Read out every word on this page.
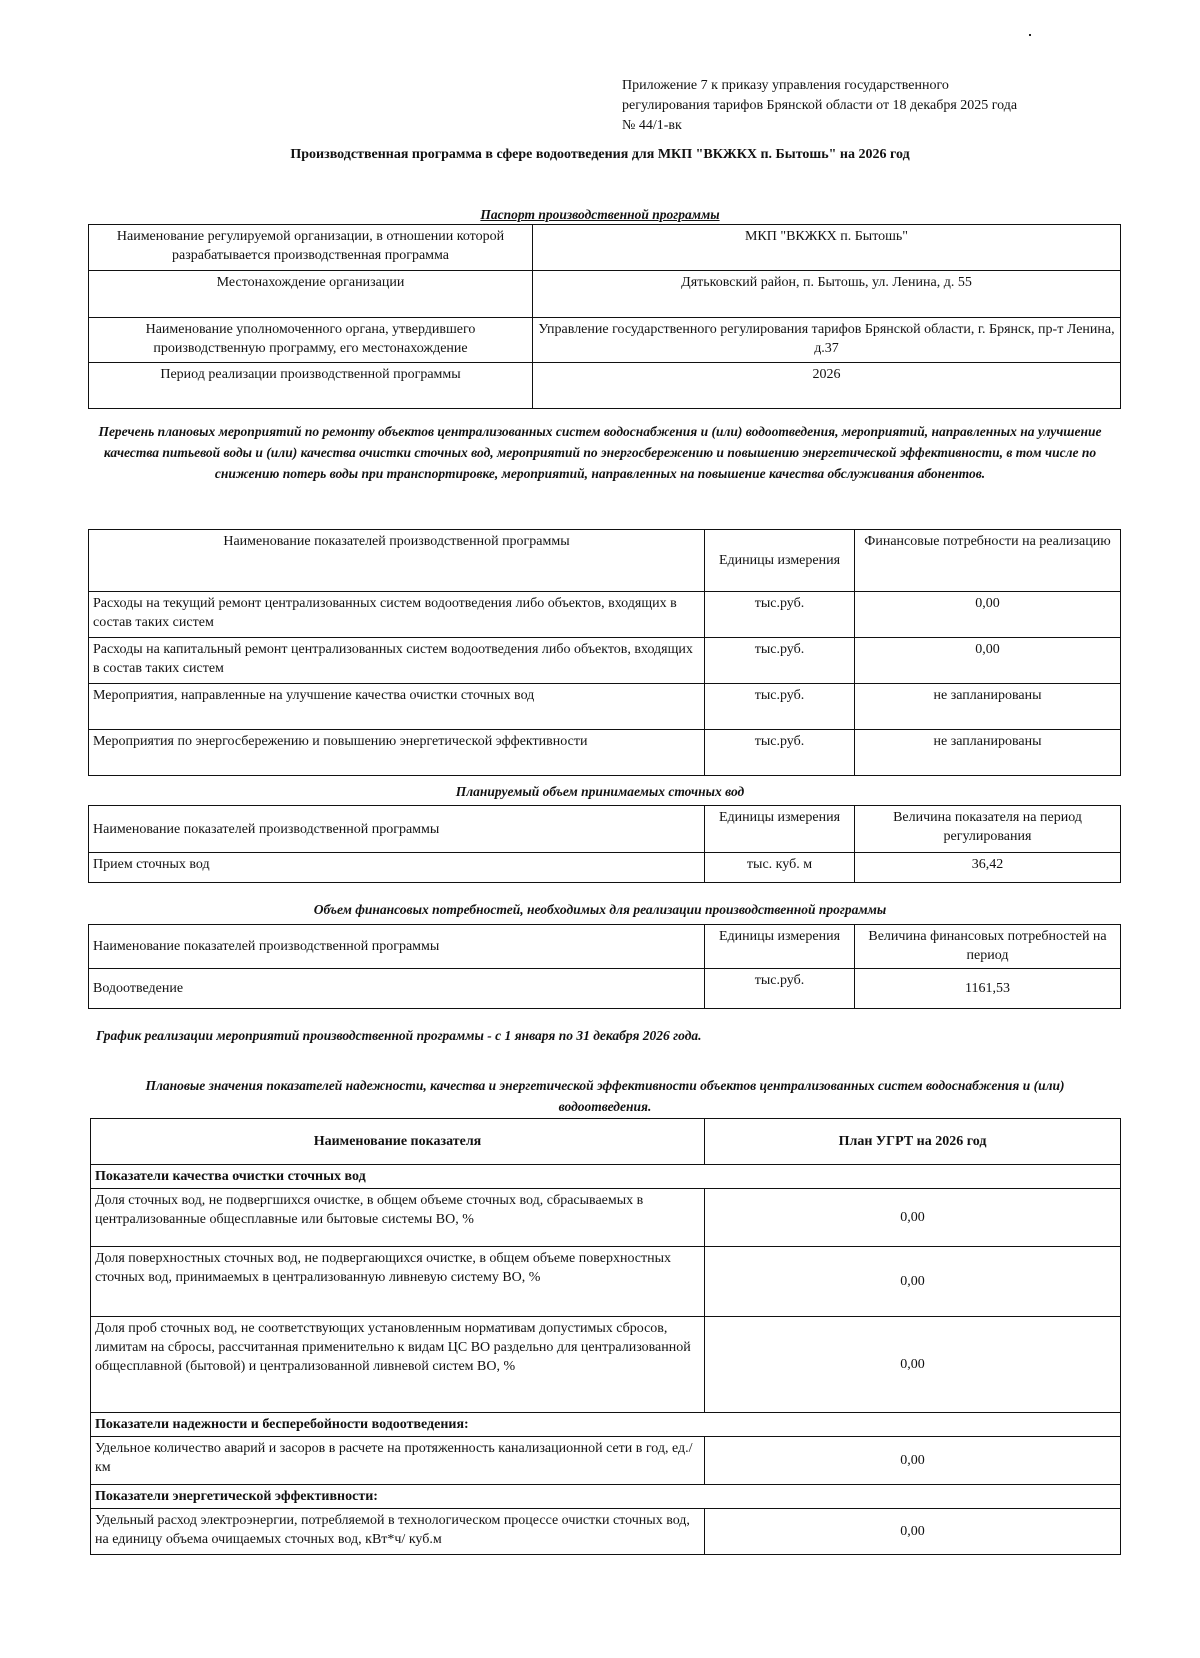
Приложение 7 к приказу управления государственного
регулирования тарифов Брянской области от 18 декабря 2025 года
№ 44/1-вк
Производственная программа в сфере водоотведения для МКП "ВКЖКХ п. Бытошь" на 2026 год
Паспорт производственной программы
Наименование регулируемой организации, в отношении которой разрабатывается производственная программа	МКП "ВКЖКХ п. Бытошь"
Местонахождение организации	Дятьковский район, п. Бытошь, ул. Ленина, д. 55
Наименование уполномоченного органа, утвердившего производственную программу, его местонахождение	Управление государственного регулирования тарифов Брянской области, г. Брянск, пр-т Ленина, д.37
Период реализации производственной программы	2026
Перечень плановых мероприятий по ремонту объектов централизованных систем водоснабжения и (или) водоотведения, мероприятий, направленных на улучшение качества питьевой воды и (или) качества очистки сточных вод, мероприятий по энергосбережению и повышению энергетической эффективности, в том числе по снижению потерь воды при транспортировке, мероприятий, направленных на повышение качества обслуживания абонентов.
Наименование показателей производственной программы	Единицы измерения	Финансовые потребности на реализацию
Расходы на текущий ремонт централизованных систем водоотведения либо объектов, входящих в состав таких систем	тыс.руб.	0,00
Расходы на капитальный ремонт централизованных систем водоотведения либо объектов, входящих в состав таких систем	тыс.руб.	0,00
Мероприятия, направленные на улучшение качества очистки сточных вод	тыс.руб.	не запланированы
Мероприятия по энергосбережению и повышению энергетической эффективности	тыс.руб.	не запланированы
Планируемый объем принимаемых сточных вод
Наименование показателей производственной программы	Единицы измерения	Величина показателя на период регулирования
Прием сточных вод	тыс. куб. м	36,42
Объем финансовых потребностей, необходимых для реализации производственной программы
Наименование показателей производственной программы	Единицы измерения	Величина финансовых потребностей на период
Водоотведение	тыс.руб.	1161,53
График реализации мероприятий производственной программы - с 1 января по 31 декабря 2026 года.
Плановые значения показателей надежности, качества и энергетической эффективности объектов централизованных систем водоснабжения и (или) водоотведения.
Наименование показателя	План УГРТ на 2026 год
Показатели качества очистки сточных вод	
Доля сточных вод, не подвергшихся очистке, в общем объеме сточных вод, сбрасываемых в централизованные общесплавные или бытовые системы ВО, %	0,00
Доля поверхностных сточных вод, не подвергающихся очистке, в общем объеме поверхностных сточных вод, принимаемых в централизованную ливневую систему ВО, %	0,00
Доля проб сточных вод, не соответствующих установленным нормативам допустимых сбросов, лимитам на сбросы, рассчитанная применительно к видам ЦС ВО раздельно для централизованной общесплавной (бытовой) и централизованной ливневой систем ВО, %	0,00
Показатели надежности и бесперебойности водоотведения:	
Удельное количество аварий и засоров в расчете на протяженность канализационной сети в год, ед./км	0,00
Показатели энергетической эффективности:	
Удельный расход электроэнергии, потребляемой в технологическом процессе очистки сточных вод, на единицу объема очищаемых сточных вод, кВт*ч/ куб.м	0,00
